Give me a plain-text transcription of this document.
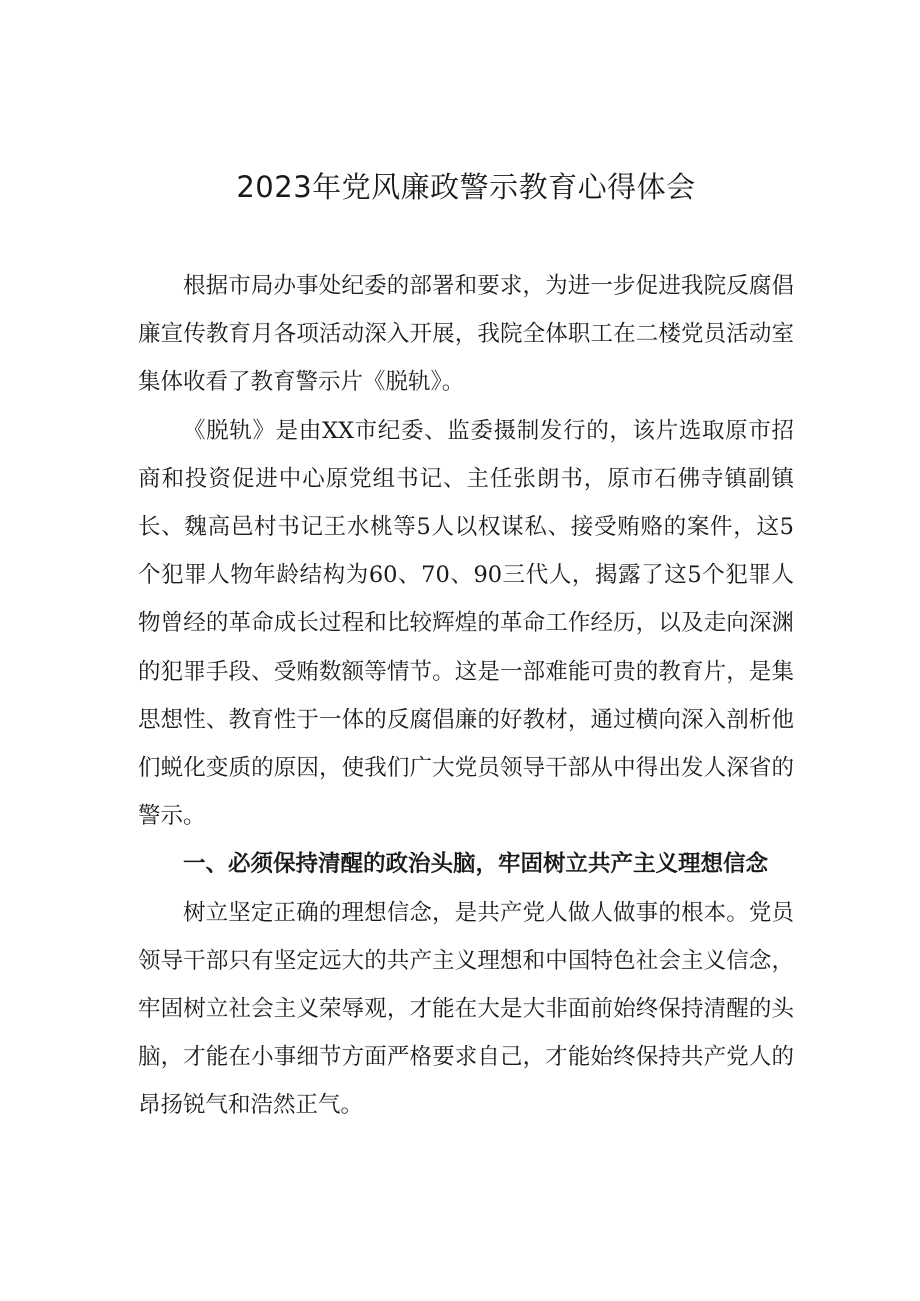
2023年党风廉政警示教育心得体会

根据市局办事处纪委的部署和要求，为进一步促进我院反腐倡廉宣传教育月各项活动深入开展，我院全体职工在二楼党员活动室集体收看了教育警示片《脱轨》。

《脱轨》是由XX市纪委、监委摄制发行的，该片选取原市招商和投资促进中心原党组书记、主任张朗书，原市石佛寺镇副镇长、魏高邑村书记王水桃等5人以权谋私、接受贿赂的案件，这5个犯罪人物年龄结构为60、70、90三代人，揭露了这5个犯罪人物曾经的革命成长过程和比较辉煌的革命工作经历，以及走向深渊的犯罪手段、受贿数额等情节。这是一部难能可贵的教育片，是集思想性、教育性于一体的反腐倡廉的好教材，通过横向深入剖析他们蜕化变质的原因，使我们广大党员领导干部从中得出发人深省的警示。

一、必须保持清醒的政治头脑，牢固树立共产主义理想信念

树立坚定正确的理想信念，是共产党人做人做事的根本。党员领导干部只有坚定远大的共产主义理想和中国特色社会主义信念，牢固树立社会主义荣辱观，才能在大是大非面前始终保持清醒的头脑，才能在小事细节方面严格要求自己，才能始终保持共产党人的昂扬锐气和浩然正气。
